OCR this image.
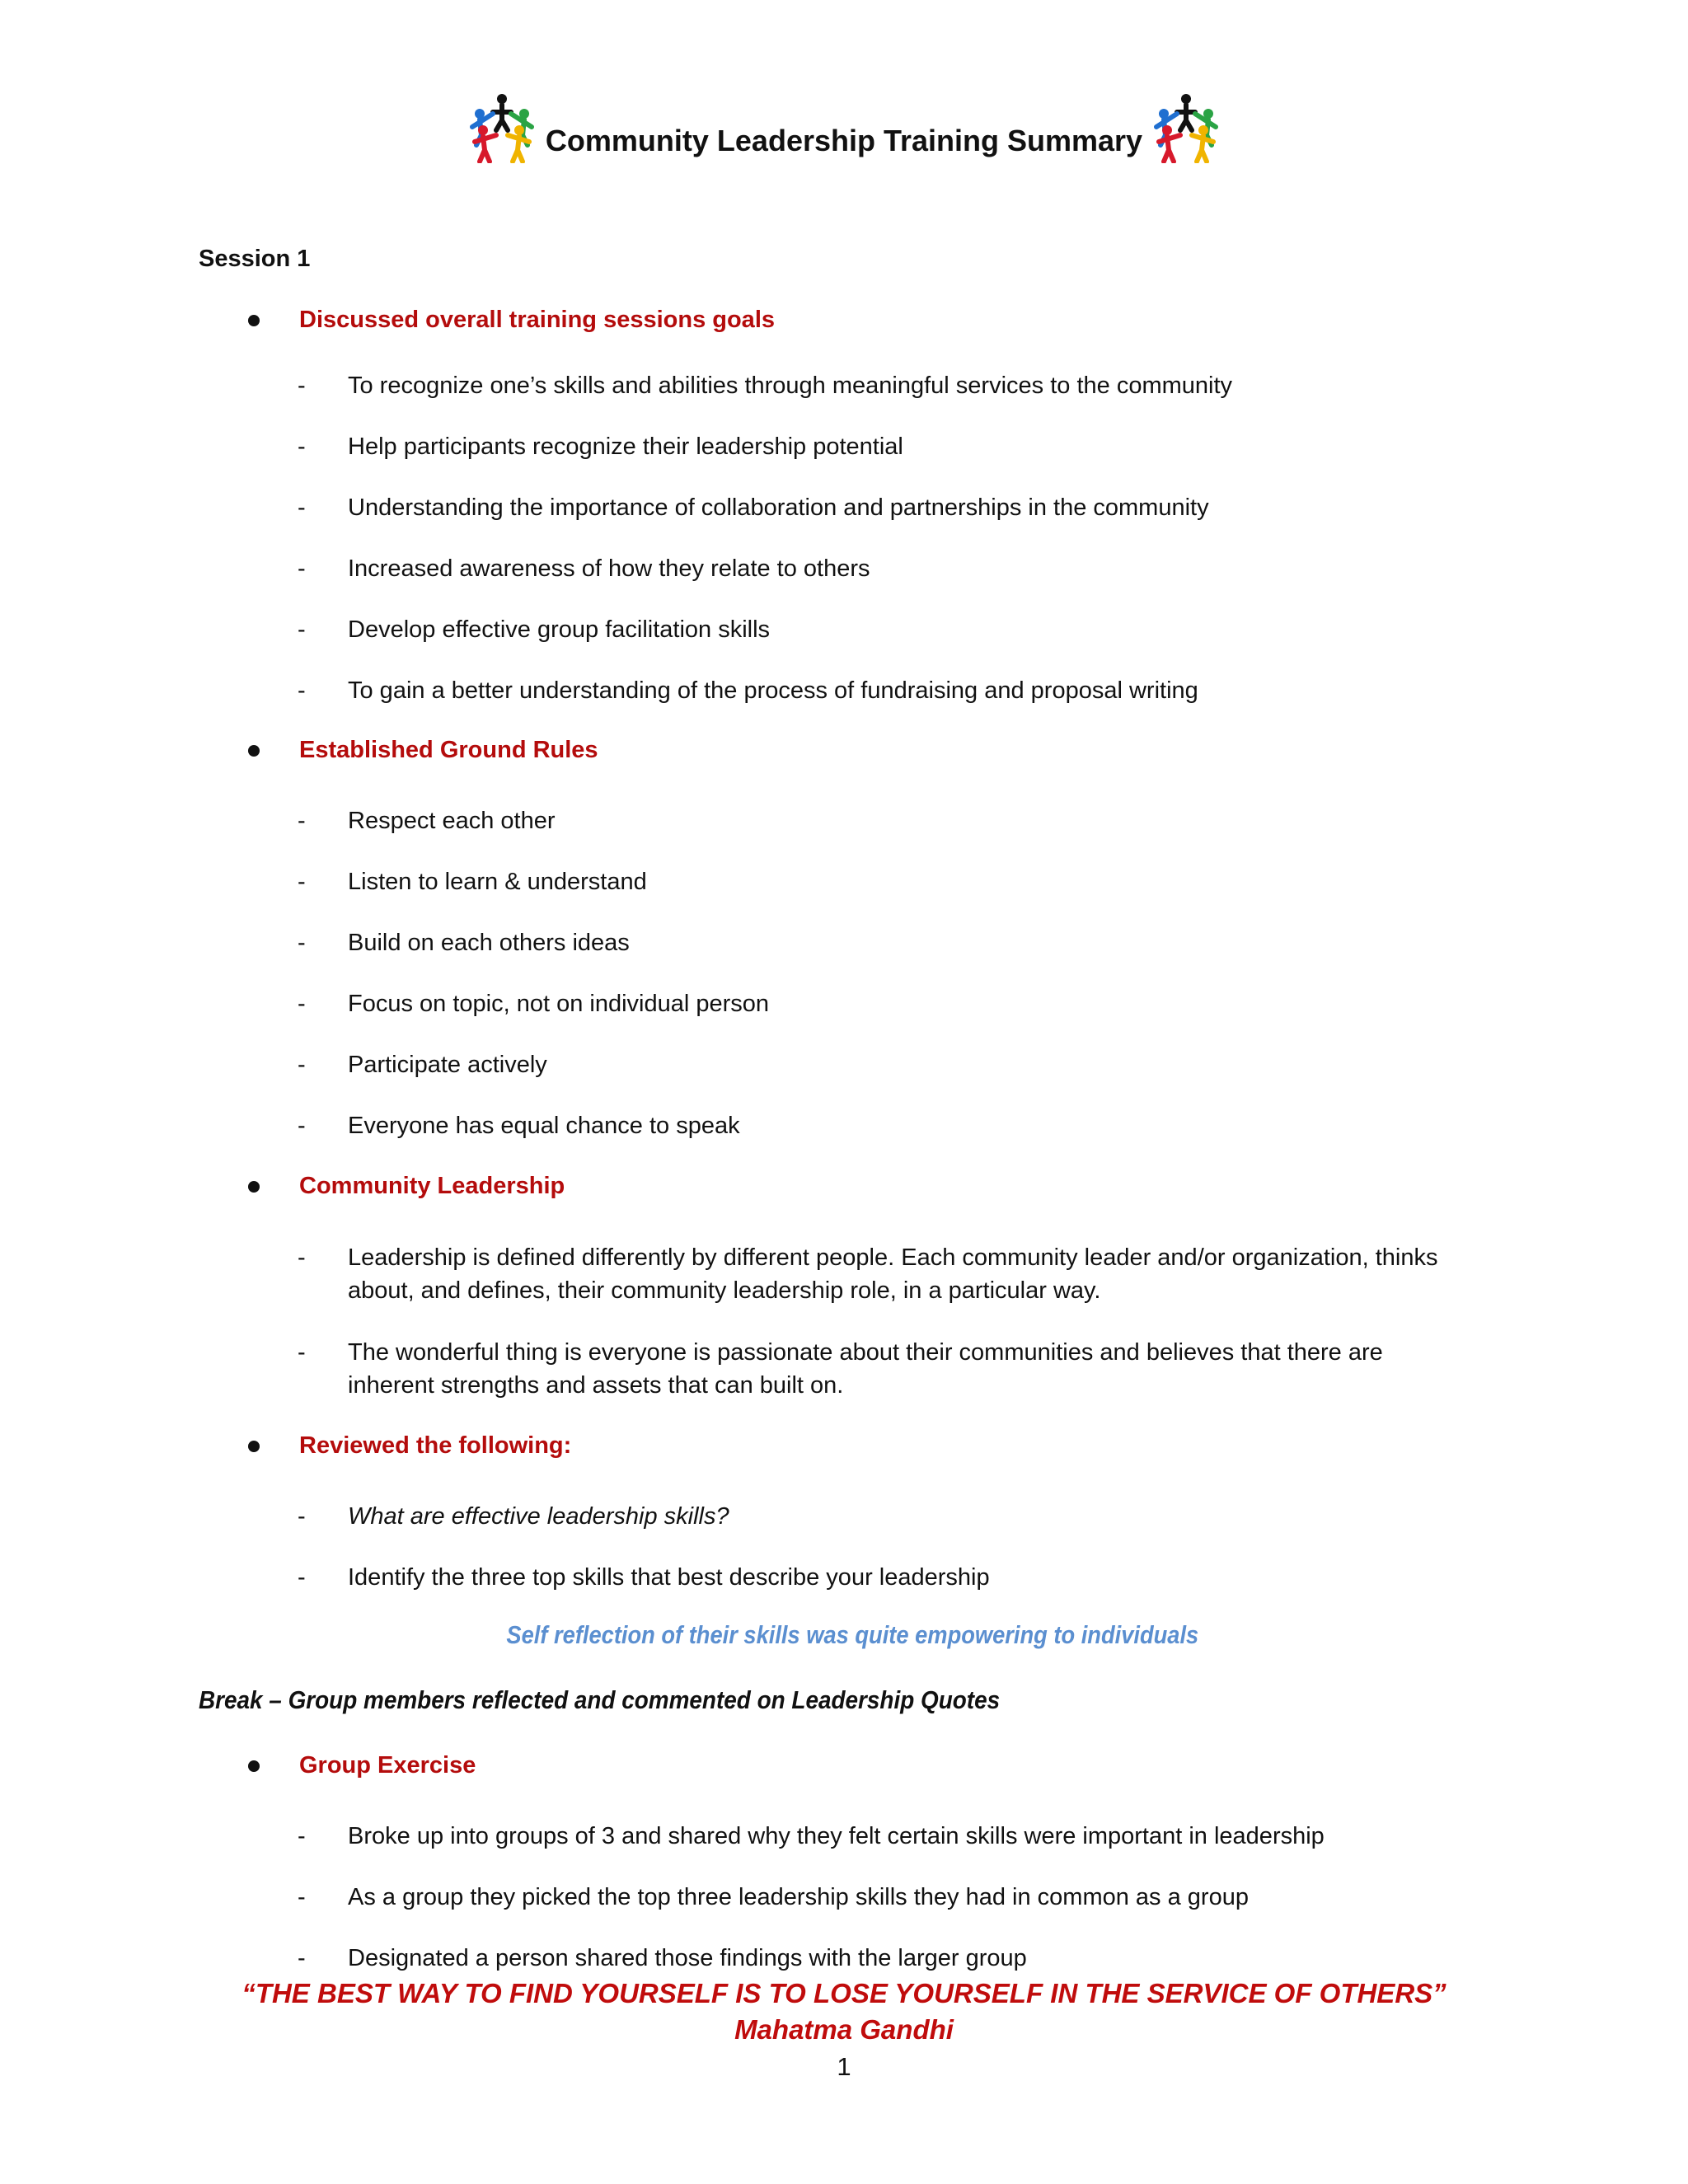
Community Leadership Training Summary
Session 1
Discussed overall training sessions goals
-	To recognize one’s skills and abilities through meaningful services to the community
-	Help participants recognize their leadership potential
-	Understanding the importance of collaboration and partnerships in the community
-	Increased awareness of how they relate to others
-	Develop effective group facilitation skills
-	To gain a better understanding of the process of fundraising and proposal writing
Established Ground Rules
-	Respect each other
-	Listen to learn & understand
-	Build on each others ideas
-	Focus on topic, not on individual person
-	Participate actively
-	Everyone has equal chance to speak
Community Leadership
-	Leadership is defined differently by different people. Each community leader and/or organization, thinks about, and defines, their community leadership role, in a particular way.
-	The wonderful thing is everyone is passionate about their communities and believes that there are inherent strengths and assets that can built on.
Reviewed the following:
-	What are effective leadership skills?
-	Identify the three top skills that best describe your leadership
Self reflection of their skills was quite empowering to individuals
Break – Group members reflected and commented on Leadership Quotes
Group Exercise
-	Broke up into groups of 3 and shared why they felt certain skills were important in leadership
-	As a group they picked the top three leadership skills they had in common as a group
-	Designated a person shared those findings with the larger group
“THE BEST WAY TO FIND YOURSELF IS TO LOSE YOURSELF IN THE SERVICE OF OTHERS”
Mahatma Gandhi
1
